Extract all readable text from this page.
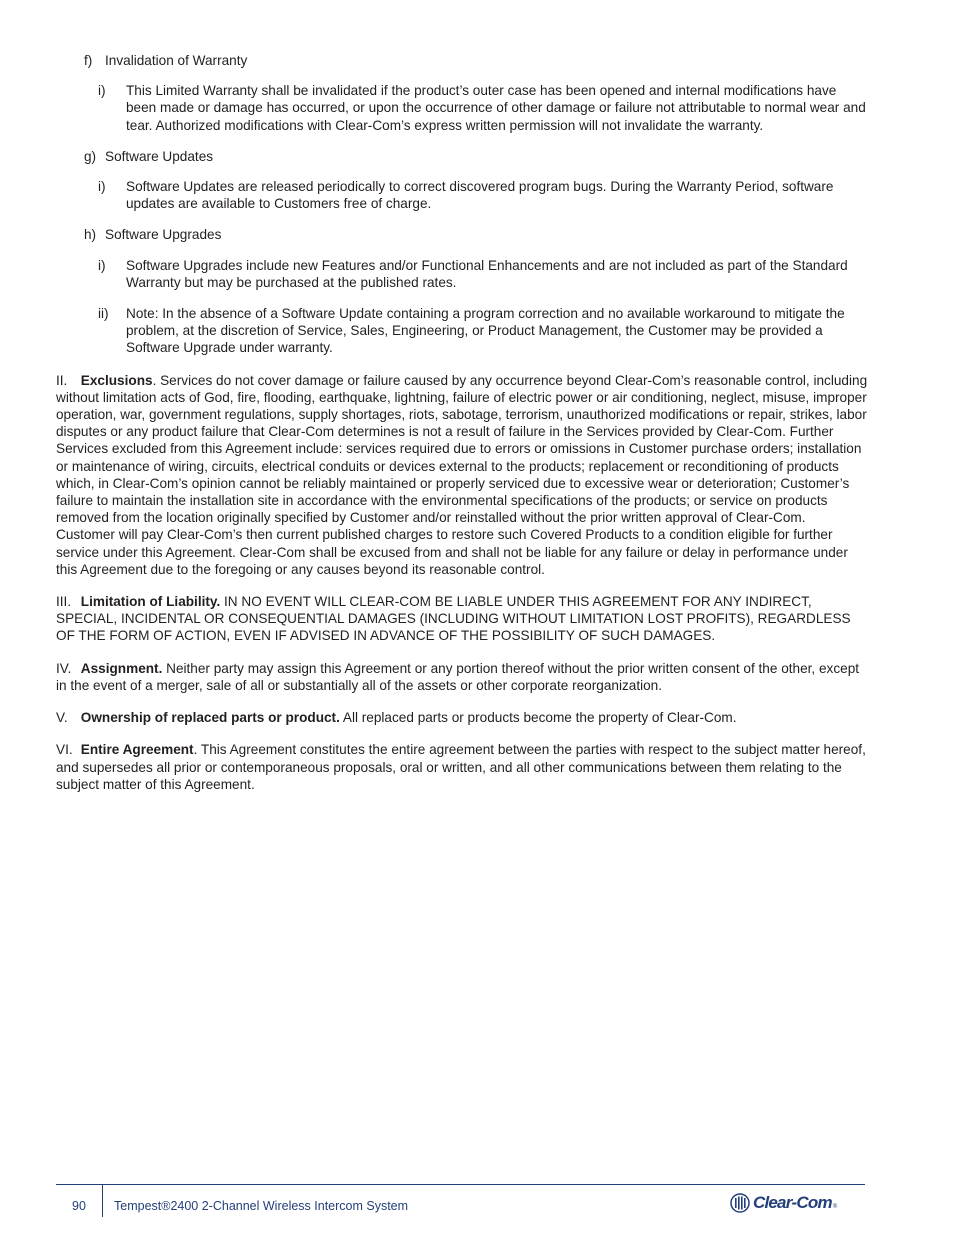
f) Invalidation of Warranty

i) This Limited Warranty shall be invalidated if the product’s outer case has been opened and internal modifications have been made or damage has occurred, or upon the occurrence of other damage or failure not attributable to normal wear and tear. Authorized modifications with Clear-Com’s express written permission will not invalidate the warranty.

g) Software Updates

i) Software Updates are released periodically to correct discovered program bugs. During the Warranty Period, software updates are available to Customers free of charge.

h) Software Upgrades

i) Software Upgrades include new Features and/or Functional Enhancements and are not included as part of the Standard Warranty but may be purchased at the published rates.
ii) Note: In the absence of a Software Update containing a program correction and no available workaround to mitigate the problem, at the discretion of Service, Sales, Engineering, or Product Management, the Customer may be provided a Software Upgrade under warranty.

II. Exclusions. Services do not cover damage or failure caused by any occurrence beyond Clear-Com’s reasonable control, including without limitation acts of God, fire, flooding, earthquake, lightning, failure of electric power or air conditioning, neglect, misuse, improper operation, war, government regulations, supply shortages, riots, sabotage, terrorism, unauthorized modifications or repair, strikes, labor disputes or any product failure that Clear-Com determines is not a result of failure in the Services provided by Clear-Com. Further Services excluded from this Agreement include: services required due to errors or omissions in Customer purchase orders; installation or maintenance of wiring, circuits, electrical conduits or devices external to the products; replacement or reconditioning of products which, in Clear-Com’s opinion cannot be reliably maintained or properly serviced due to excessive wear or deterioration; Customer’s failure to maintain the installation site in accordance with the environmental specifications of the products; or service on products removed from the location originally specified by Customer and/or reinstalled without the prior written approval of Clear-Com. Customer will pay Clear-Com’s then current published charges to restore such Covered Products to a condition eligible for further service under this Agreement. Clear-Com shall be excused from and shall not be liable for any failure or delay in performance under this Agreement due to the foregoing or any causes beyond its reasonable control.

III. Limitation of Liability. IN NO EVENT WILL CLEAR-COM BE LIABLE UNDER THIS AGREEMENT FOR ANY INDIRECT, SPECIAL, INCIDENTAL OR CONSEQUENTIAL DAMAGES (INCLUDING WITHOUT LIMITATION LOST PROFITS), REGARDLESS OF THE FORM OF ACTION, EVEN IF ADVISED IN ADVANCE OF THE POSSIBILITY OF SUCH DAMAGES.

IV. Assignment. Neither party may assign this Agreement or any portion thereof without the prior written consent of the other, except in the event of a merger, sale of all or substantially all of the assets or other corporate reorganization.

V. Ownership of replaced parts or product. All replaced parts or products become the property of Clear-Com.

VI. Entire Agreement. This Agreement constitutes the entire agreement between the parties with respect to the subject matter hereof, and supersedes all prior or contemporaneous proposals, oral or written, and all other communications between them relating to the subject matter of this Agreement.

90 Tempest®2400 2-Channel Wireless Intercom System	Clear-Com ®
